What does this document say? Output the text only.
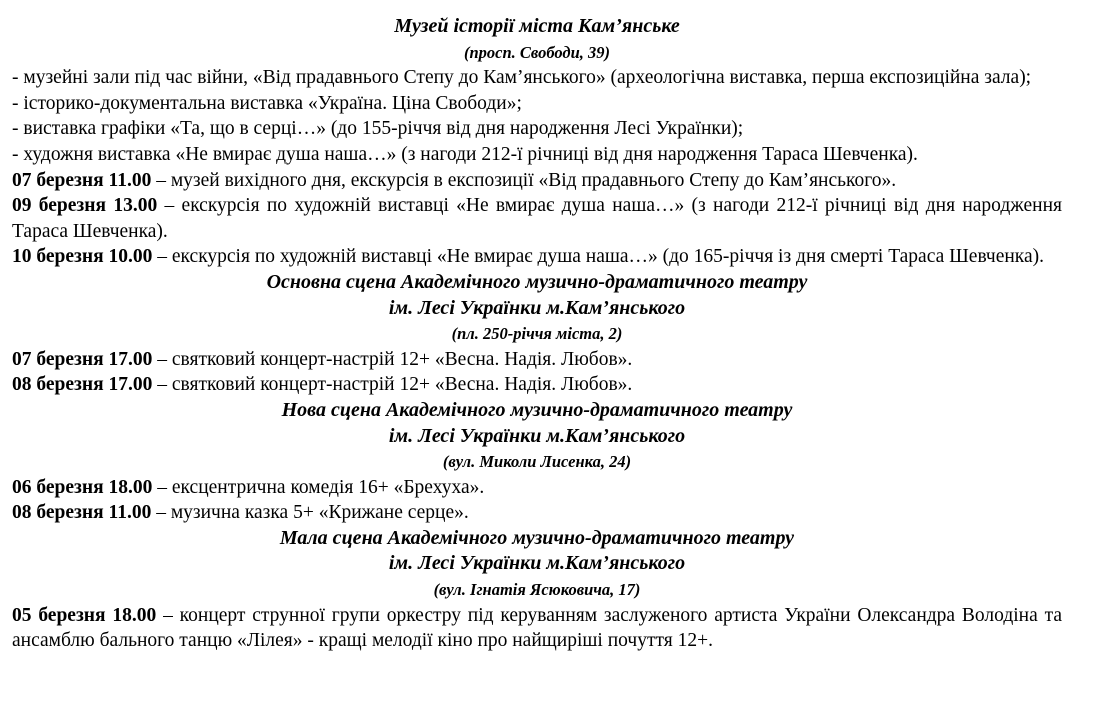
Музей історії міста Кам’янське

(просп. Свободи, 39)

- музейні зали під час війни, «Від прадавнього Степу до Кам’янського» (археологічна виставка, перша експозиційна зала);

- історико-документальна виставка «Україна. Ціна Свободи»;

- виставка графіки «Та, що в серці…» (до 155-річчя від дня народження Лесі Українки);

- художня виставка «Не вмирає душа наша…» (з нагоди 212-ї річниці від дня народження Тараса Шевченка).

07 березня 11.00 – музей вихідного дня, екскурсія в експозиції «Від прадавнього Степу до Кам’янського».

09 березня 13.00 – екскурсія по художній виставці «Не вмирає душа наша…» (з нагоди 212-ї річниці від дня народження Тараса Шевченка).

10 березня 10.00 – екскурсія по художній виставці «Не вмирає душа наша…» (до 165-річчя із дня смерті Тараса Шевченка).

Основна сцена Академічного музично-драматичного театру

ім. Лесі Українки м.Кам’янського

(пл. 250-річчя міста, 2)

07 березня 17.00 – святковий концерт-настрій 12+ «Весна. Надія. Любов».

08 березня 17.00 – святковий концерт-настрій 12+ «Весна. Надія. Любов».

Нова сцена Академічного музично-драматичного театру

ім. Лесі Українки м.Кам’янського

(вул. Миколи Лисенка, 24)

06 березня 18.00 – ексцентрична комедія 16+ «Брехуха».

08 березня 11.00 – музична казка 5+ «Крижане серце».

Мала сцена Академічного музично-драматичного театру

ім. Лесі Українки м.Кам’янського

(вул. Ігнатія Ясюковича, 17)

05 березня 18.00 – концерт струнної групи оркестру під керуванням заслуженого артиста України Олександра Володіна та ансамблю бального танцю «Лілея» - кращі мелодії кіно про найщиріші почуття 12+.
